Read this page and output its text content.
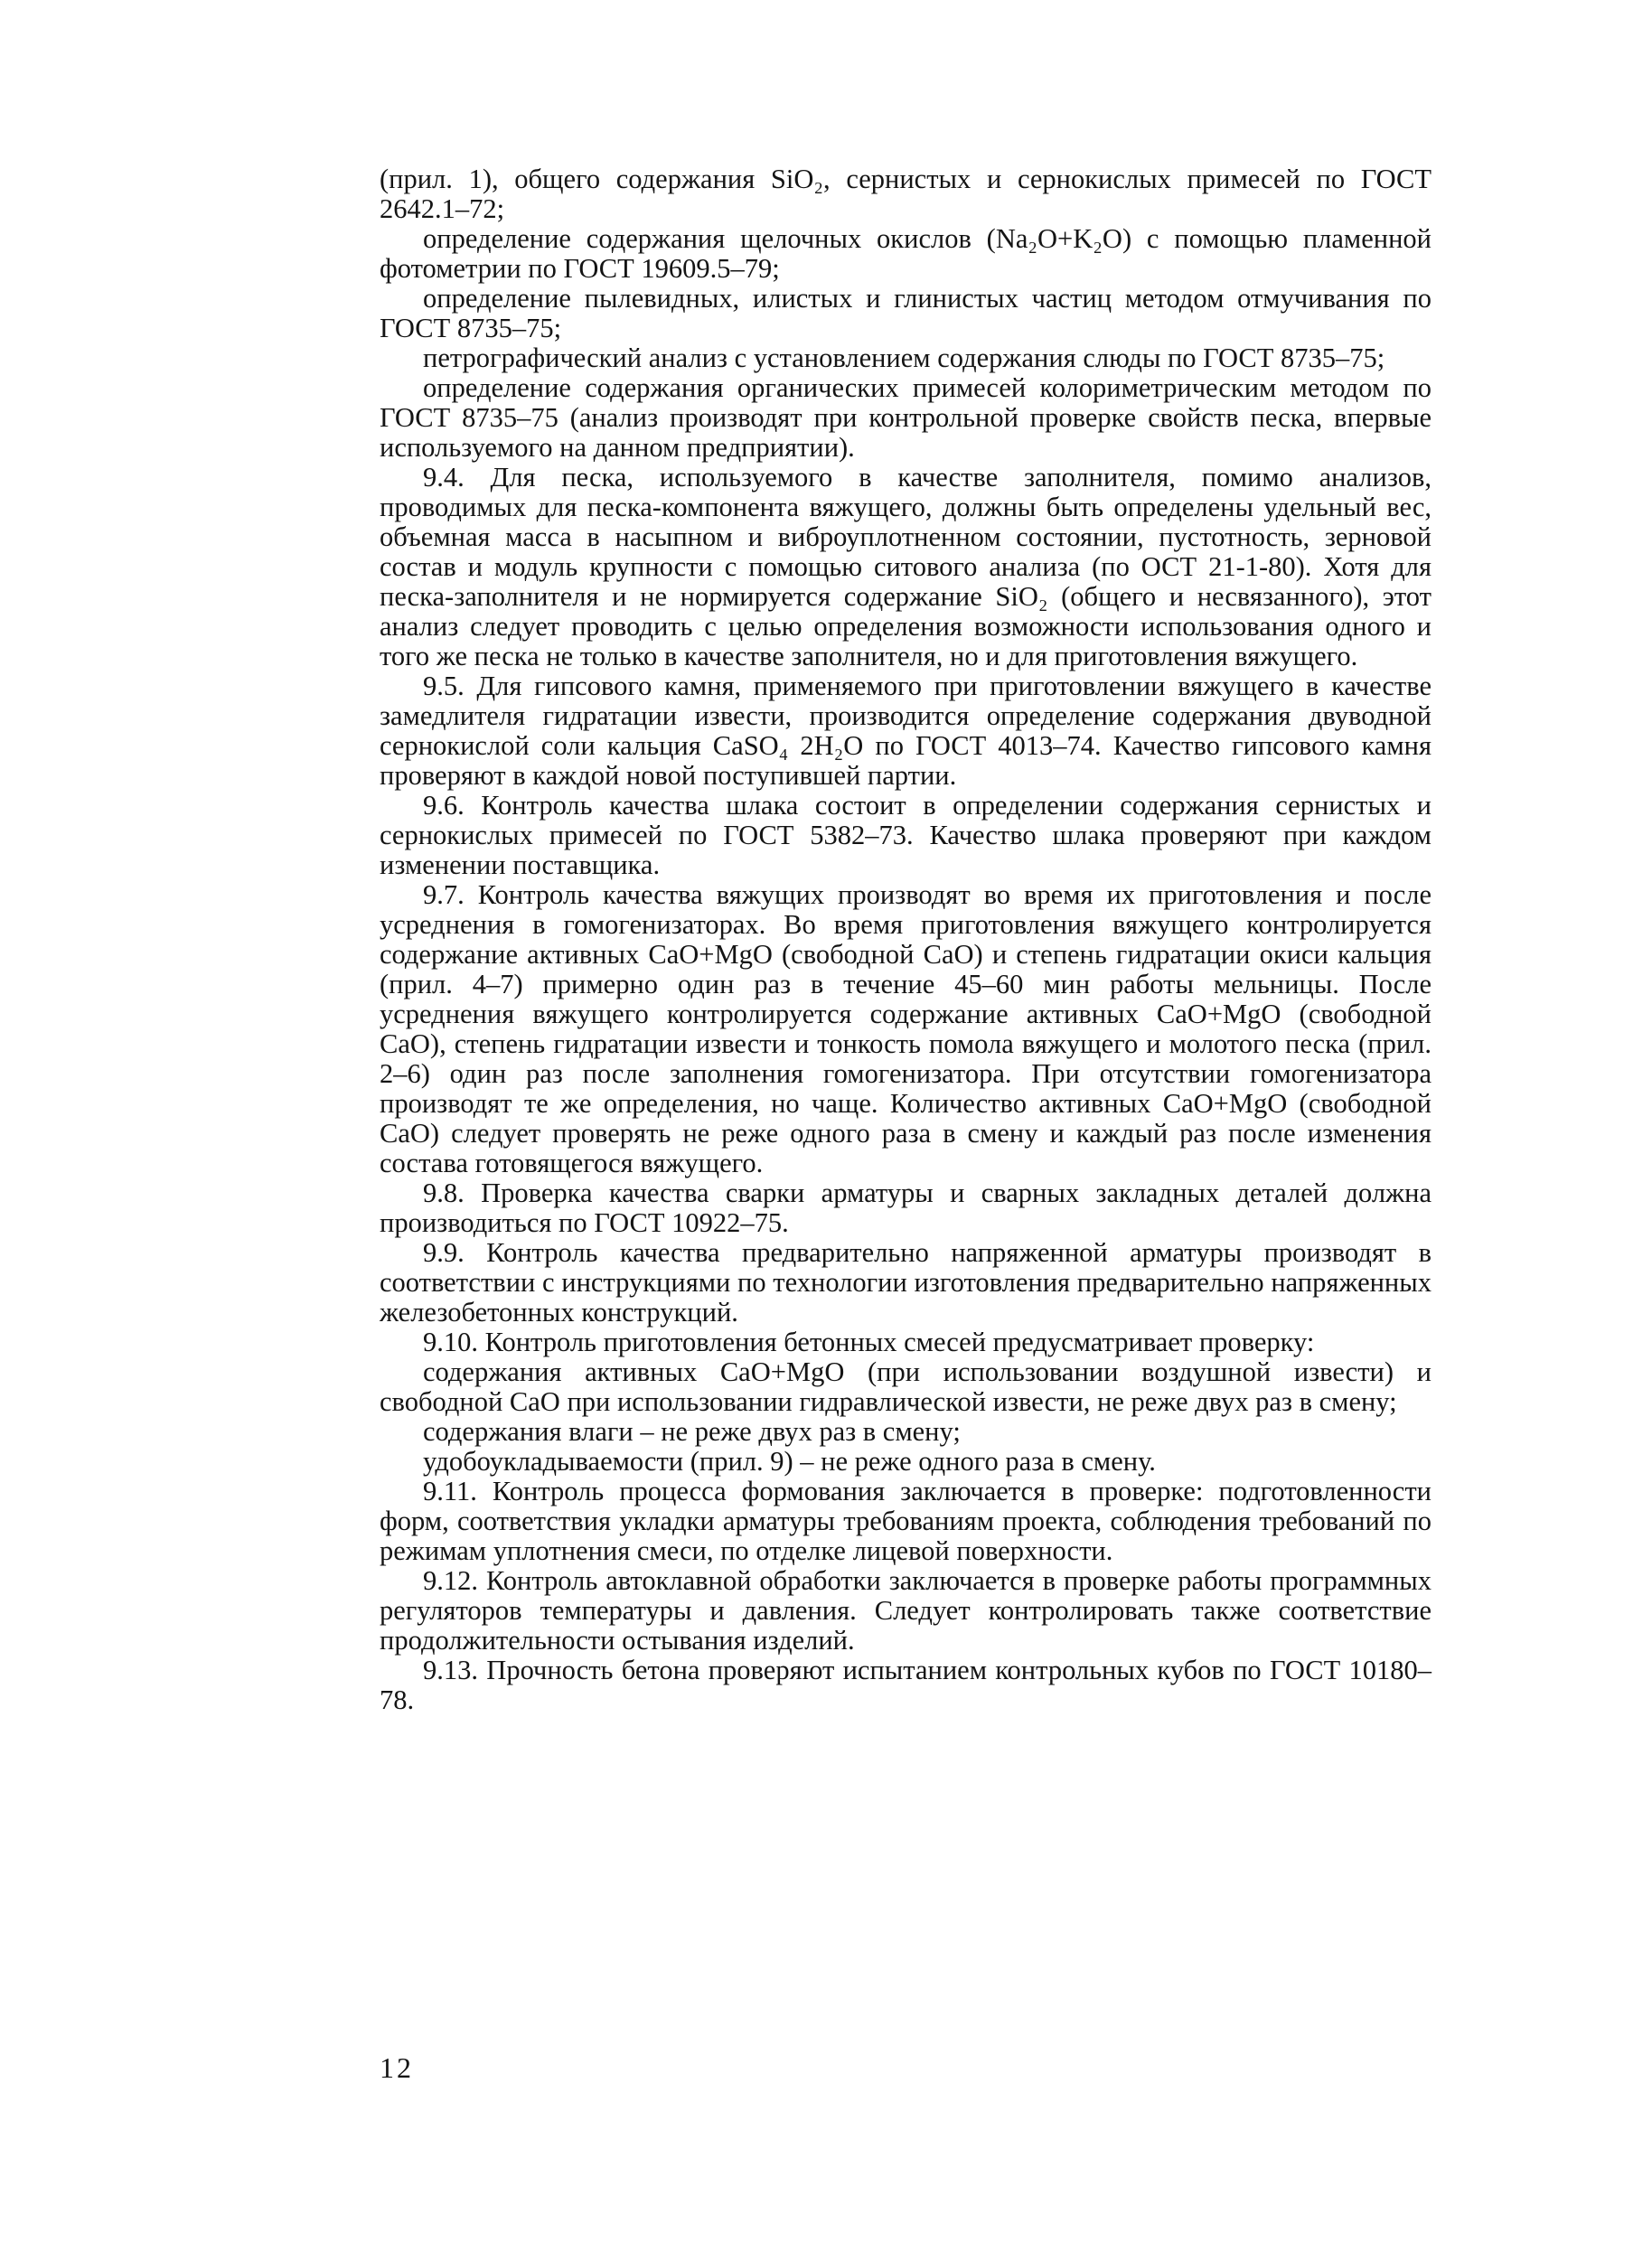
(прил. 1), общего содержания SiO₂, сернистых и сернокислых примесей по ГОСТ 2642.1–72;

определение содержания щелочных окислов (Na₂O+K₂O) с помощью пламенной фотометрии по ГОСТ 19609.5–79;

определение пылевидных, илистых и глинистых частиц методом отмучивания по ГОСТ 8735–75;

петрографический анализ с установлением содержания слюды по ГОСТ 8735–75;

определение содержания органических примесей колориметрическим методом по ГОСТ 8735–75 (анализ производят при контрольной проверке свойств песка, впервые используемого на данном предприятии).

9.4. Для песка, используемого в качестве заполнителя, помимо анализов, проводимых для песка-компонента вяжущего, должны быть определены удельный вес, объемная масса в насыпном и виброуплотненном состоянии, пустотность, зерновой состав и модуль крупности с помощью ситового анализа (по ОСТ 21-1-80). Хотя для песка-заполнителя и не нормируется содержание SiO₂ (общего и несвязанного), этот анализ следует проводить с целью определения возможности использования одного и того же песка не только в качестве заполнителя, но и для приготовления вяжущего.

9.5. Для гипсового камня, применяемого при приготовлении вяжущего в качестве замедлителя гидратации извести, производится определение содержания двуводной сернокислой соли кальция CaSO₄ 2H₂O по ГОСТ 4013–74. Качество гипсового камня проверяют в каждой новой поступившей партии.

9.6. Контроль качества шлака состоит в определении содержания сернистых и сернокислых примесей по ГОСТ 5382–73. Качество шлака проверяют при каждом изменении поставщика.

9.7. Контроль качества вяжущих производят во время их приготовления и после усреднения в гомогенизаторах. Во время приготовления вяжущего контролируется содержание активных CaO+MgO (свободной CaO) и степень гидратации окиси кальция (прил. 4–7) примерно один раз в течение 45–60 мин работы мельницы. После усреднения вяжущего контролируется содержание активных CaO+MgO (свободной CaO), степень гидратации извести и тонкость помола вяжущего и молотого песка (прил. 2–6) один раз после заполнения гомогенизатора. При отсутствии гомогенизатора производят те же определения, но чаще. Количество активных CaO+MgO (свободной CaO) следует проверять не реже одного раза в смену и каждый раз после изменения состава готовящегося вяжущего.

9.8. Проверка качества сварки арматуры и сварных закладных деталей должна производиться по ГОСТ 10922–75.

9.9. Контроль качества предварительно напряженной арматуры производят в соответствии с инструкциями по технологии изготовления предварительно напряженных железобетонных конструкций.

9.10. Контроль приготовления бетонных смесей предусматривает проверку:

содержания активных CaO+MgO (при использовании воздушной извести) и свободной CaO при использовании гидравлической извести, не реже двух раз в смену;

содержания влаги – не реже двух раз в смену;

удобоукладываемости (прил. 9) – не реже одного раза в смену.

9.11. Контроль процесса формования заключается в проверке: подготовленности форм, соответствия укладки арматуры требованиям проекта, соблюдения требований по режимам уплотнения смеси, по отделке лицевой поверхности.

9.12. Контроль автоклавной обработки заключается в проверке работы программных регуляторов температуры и давления. Следует контролировать также соответствие продолжительности остывания изделий.

9.13. Прочность бетона проверяют испытанием контрольных кубов по ГОСТ 10180–78.

12
